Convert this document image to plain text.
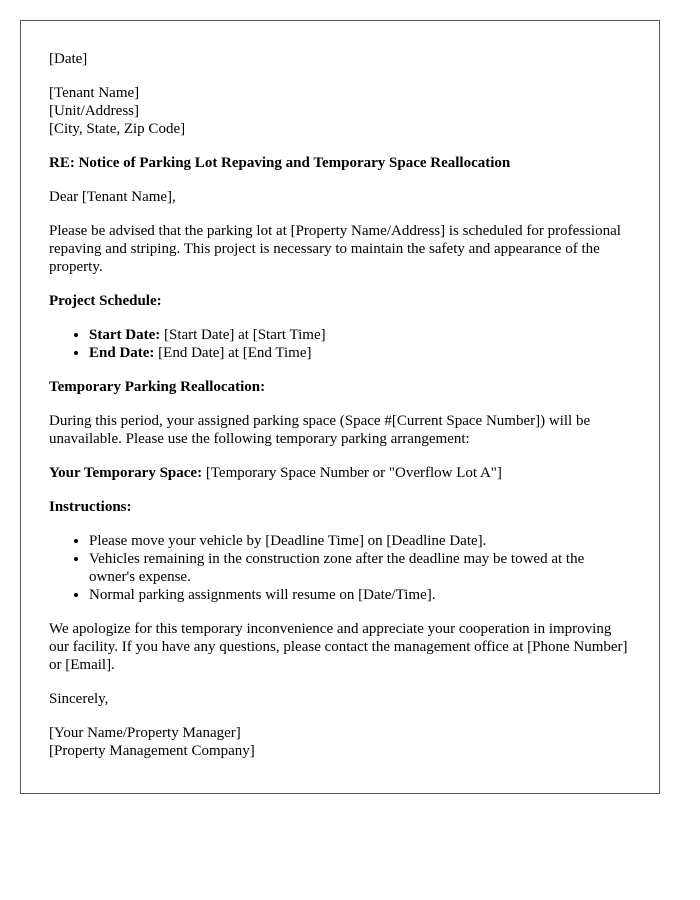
[Date]

[Tenant Name]
[Unit/Address]
[City, State, Zip Code]

RE: Notice of Parking Lot Repaving and Temporary Space Reallocation

Dear [Tenant Name],

Please be advised that the parking lot at [Property Name/Address] is scheduled for professional repaving and striping. This project is necessary to maintain the safety and appearance of the property.

Project Schedule:

• Start Date: [Start Date] at [Start Time]
• End Date: [End Date] at [End Time]

Temporary Parking Reallocation:

During this period, your assigned parking space (Space #[Current Space Number]) will be unavailable. Please use the following temporary parking arrangement:

Your Temporary Space: [Temporary Space Number or "Overflow Lot A"]

Instructions:

• Please move your vehicle by [Deadline Time] on [Deadline Date].
• Vehicles remaining in the construction zone after the deadline may be towed at the owner's expense.
• Normal parking assignments will resume on [Date/Time].

We apologize for this temporary inconvenience and appreciate your cooperation in improving our facility. If you have any questions, please contact the management office at [Phone Number] or [Email].

Sincerely,

[Your Name/Property Manager]
[Property Management Company]
